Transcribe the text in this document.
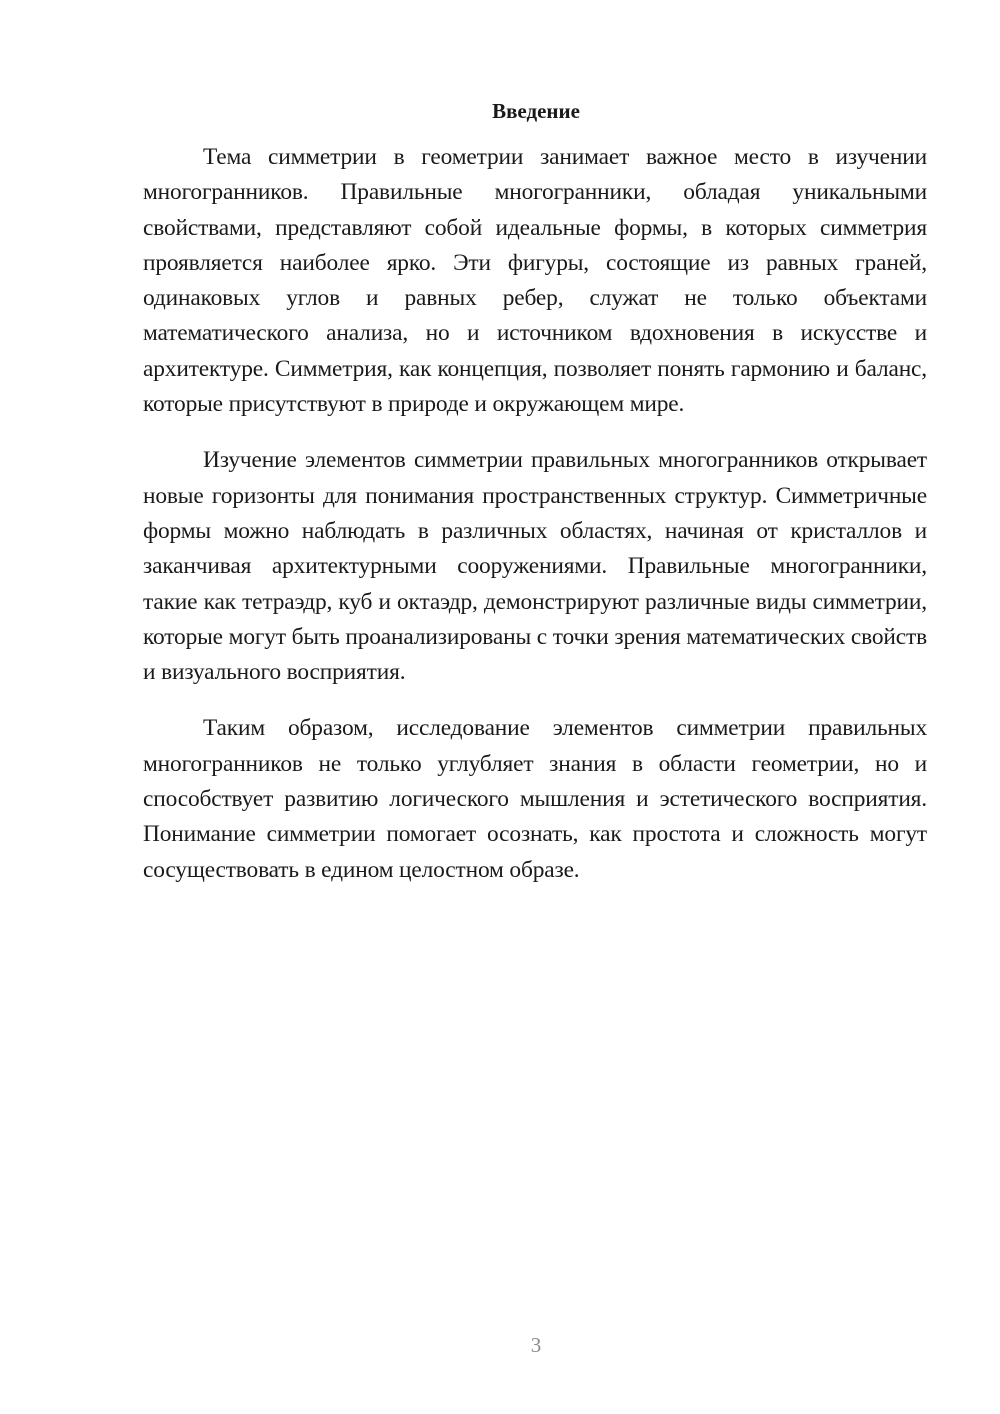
Введение

Тема симметрии в геометрии занимает важное место в изучении многогранников. Правильные многогранники, обладая уникальными свойствами, представляют собой идеальные формы, в которых симметрия проявляется наиболее ярко. Эти фигуры, состоящие из равных граней, одинаковых углов и равных ребер, служат не только объектами математического анализа, но и источником вдохновения в искусстве и архитектуре. Симметрия, как концепция, позволяет понять гармонию и баланс, которые присутствуют в природе и окружающем мире.

Изучение элементов симметрии правильных многогранников открывает новые горизонты для понимания пространственных структур. Симметричные формы можно наблюдать в различных областях, начиная от кристаллов и заканчивая архитектурными сооружениями. Правильные многогранники, такие как тетраэдр, куб и октаэдр, демонстрируют различные виды симметрии, которые могут быть проанализированы с точки зрения математических свойств и визуального восприятия.

Таким образом, исследование элементов симметрии правильных многогранников не только углубляет знания в области геометрии, но и способствует развитию логического мышления и эстетического восприятия. Понимание симметрии помогает осознать, как простота и сложность могут сосуществовать в едином целостном образе.

3
